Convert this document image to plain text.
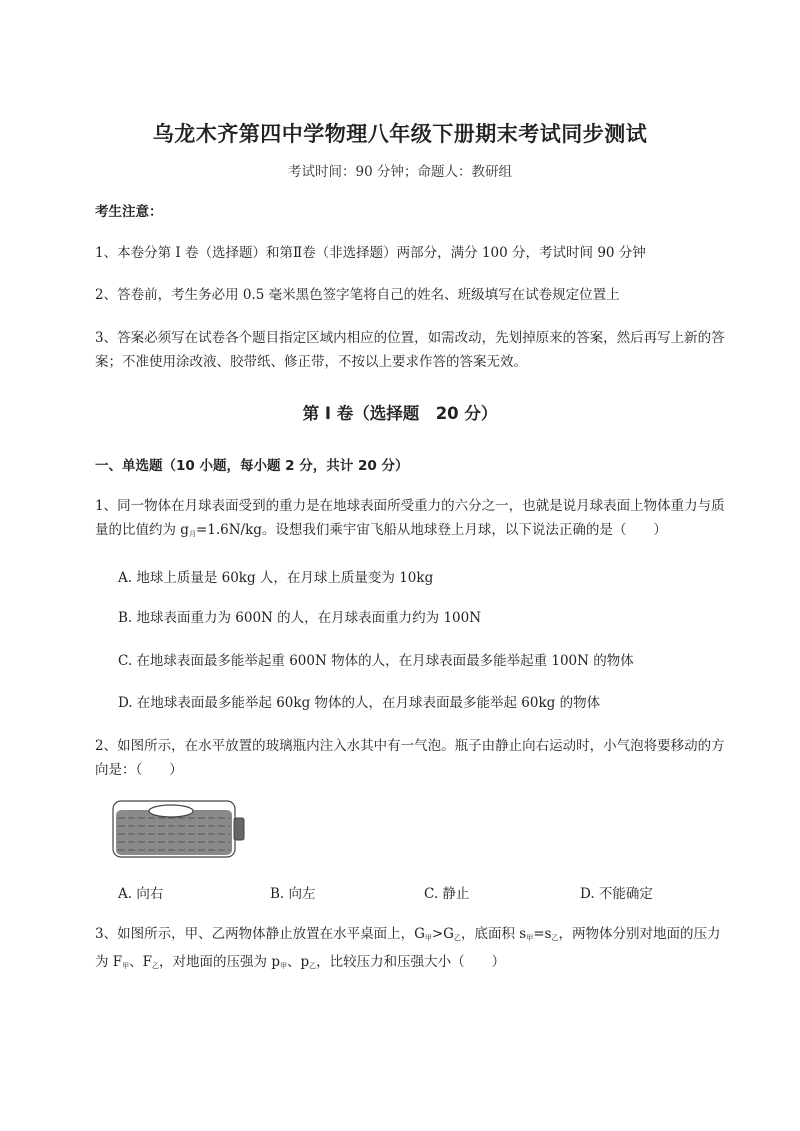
乌龙木齐第四中学物理八年级下册期末考试同步测试
考试时间：90 分钟；命题人：教研组
考生注意：
1、本卷分第 I 卷（选择题）和第Ⅱ卷（非选择题）两部分，满分 100 分，考试时间 90 分钟
2、答卷前，考生务必用 0.5 毫米黑色签字笔将自己的姓名、班级填写在试卷规定位置上
3、答案必须写在试卷各个题目指定区域内相应的位置，如需改动，先划掉原来的答案，然后再写上新的答案；不准使用涂改液、胶带纸、修正带，不按以上要求作答的答案无效。
第 I 卷（选择题　20 分）
一、单选题（10 小题，每小题 2 分，共计 20 分）
1、同一物体在月球表面受到的重力是在地球表面所受重力的六分之一，也就是说月球表面上物体重力与质量的比值约为 $g_月=1.6N/kg$。设想我们乘宇宙飞船从地球登上月球，以下说法正确的是（　　）
A. 地球上质量是 60kg 人，在月球上质量变为 10kg
B. 地球表面重力为 600N 的人，在月球表面重力约为 100N
C. 在地球表面最多能举起重 600N 物体的人，在月球表面最多能举起重 100N 的物体
D. 在地球表面最多能举起 60kg 物体的人，在月球表面最多能举起 60kg 的物体
2、如图所示，在水平放置的玻璃瓶内注入水其中有一气泡。瓶子由静止向右运动时，小气泡将要移动的方向是：（　　）
A. 向右	B. 向左	C. 静止	D. 不能确定
3、如图所示，甲、乙两物体静止放置在水平桌面上，$G_甲>G_乙$，底面积 $s_甲=s_乙$，两物体分别对地面的压力为 $F_甲$、$F_乙$，对地面的压强为 $p_甲$、$p_乙$，比较压力和压强大小（　　）
